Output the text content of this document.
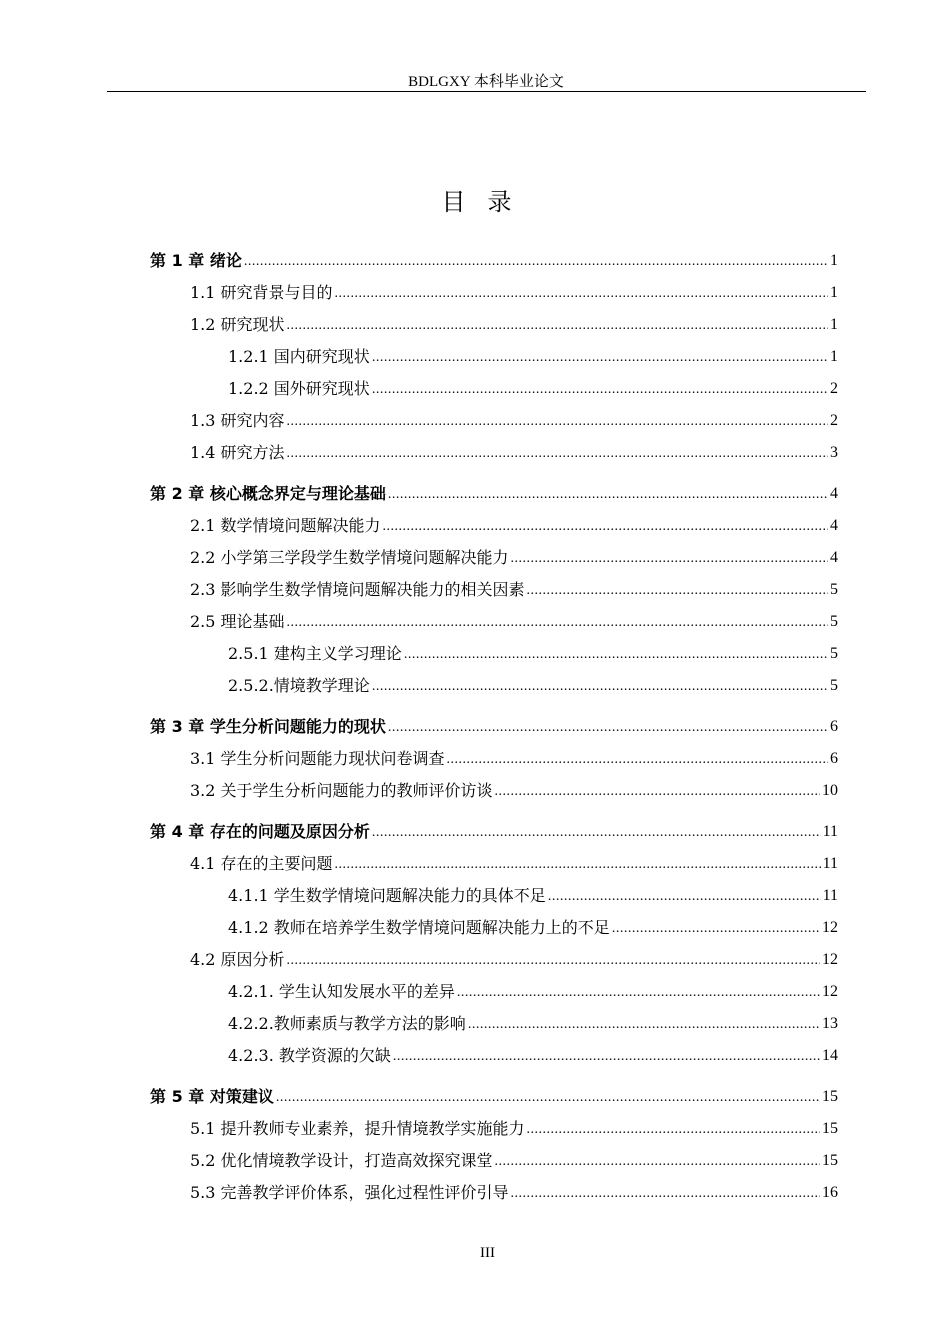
BDLGXY 本科毕业论文
目录
第 1 章 绪论 .....	1
1.1 研究背景与目的 .....	1
1.2 研究现状 .....	1
1.2.1 国内研究现状 .....	1
1.2.2 国外研究现状 .....	2
1.3 研究内容 .....	2
1.4 研究方法 .....	3
第 2 章 核心概念界定与理论基础 .....	4
2.1 数学情境问题解决能力 .....	4
2.2 小学第三学段学生数学情境问题解决能力 .....	4
2.3 影响学生数学情境问题解决能力的相关因素 .....	5
2.5 理论基础 .....	5
2.5.1 建构主义学习理论 .....	5
2.5.2.情境教学理论 .....	5
第 3 章 学生分析问题能力的现状 .....	6
3.1 学生分析问题能力现状问卷调查 .....	6
3.2 关于学生分析问题能力的教师评价访谈 .....	10
第 4 章 存在的问题及原因分析 .....	11
4.1 存在的主要问题 .....	11
4.1.1 学生数学情境问题解决能力的具体不足 .....	11
4.1.2 教师在培养学生数学情境问题解决能力上的不足 .....	12
4.2 原因分析 .....	12
4.2.1. 学生认知发展水平的差异 .....	12
4.2.2.教师素质与教学方法的影响 .....	13
4.2.3. 教学资源的欠缺 .....	14
第 5 章 对策建议 .....	15
5.1 提升教师专业素养，提升情境教学实施能力 .....	15
5.2 优化情境教学设计，打造高效探究课堂 .....	15
5.3 完善教学评价体系，强化过程性评价引导 .....	16
III
